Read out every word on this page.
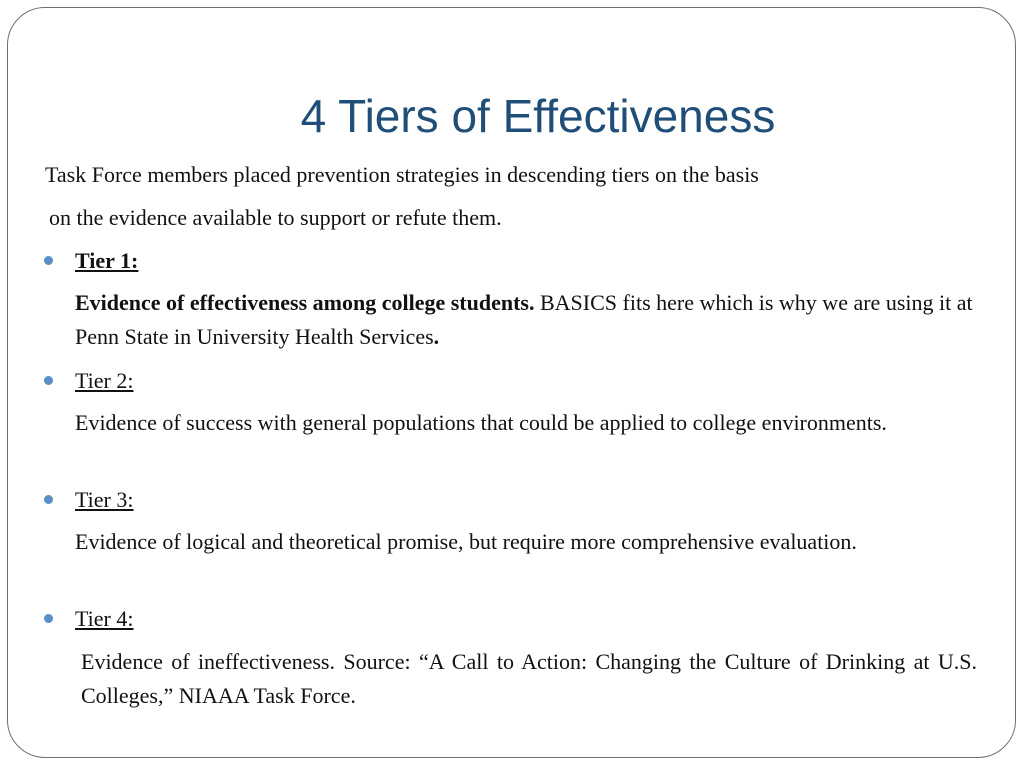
4 Tiers of Effectiveness
Task Force members placed prevention strategies in descending tiers on the basis
on the evidence available to support or refute them.
Tier 1:
Evidence of effectiveness among college students. BASICS fits here which is why we are using it at Penn State in University Health Services.
Tier 2:
Evidence of success with general populations that could be applied to college environments.
Tier 3:
Evidence of logical and theoretical promise, but require more comprehensive evaluation.
Tier 4:
Evidence of ineffectiveness. Source: “A Call to Action: Changing the Culture of Drinking at U.S. Colleges,” NIAAA Task Force.
